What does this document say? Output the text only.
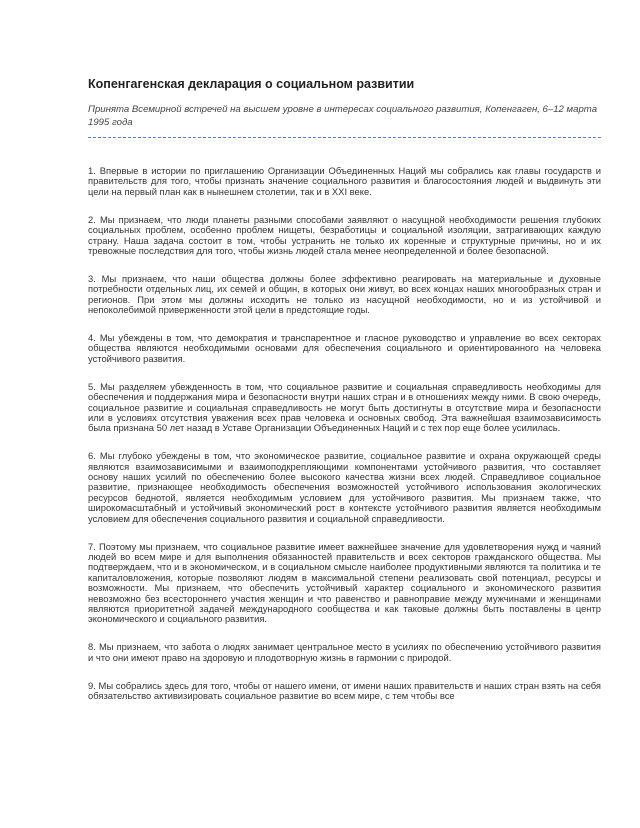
Копенгагенская декларация о социальном развитии

Принята Всемирной встречей на высшем уровне в интересах социального развития, Копенгаген, 6–12 марта 1995 года

1. Впервые в истории по приглашению Организации Объединенных Наций мы собрались как главы государств и правительств для того, чтобы признать значение социального развития и благосостояния людей и выдвинуть эти цели на первый план как в нынешнем столетии, так и в XXI веке.

2. Мы признаем, что люди планеты разными способами заявляют о насущной необходимости решения глубоких социальных проблем, особенно проблем нищеты, безработицы и социальной изоляции, затрагивающих каждую страну. Наша задача состоит в том, чтобы устранить не только их коренные и структурные причины, но и их тревожные последствия для того, чтобы жизнь людей стала менее неопределенной и более безопасной.

3. Мы признаем, что наши общества должны более эффективно реагировать на материальные и духовные потребности отдельных лиц, их семей и общин, в которых они живут, во всех концах наших многообразных стран и регионов. При этом мы должны исходить не только из насущной необходимости, но и из устойчивой и непоколебимой приверженности этой цели в предстоящие годы.

4. Мы убеждены в том, что демократия и транспарентное и гласное руководство и управление во всех секторах общества являются необходимыми основами для обеспечения социального и ориентированного на человека устойчивого развития.

5. Мы разделяем убежденность в том, что социальное развитие и социальная справедливость необходимы для обеспечения и поддержания мира и безопасности внутри наших стран и в отношениях между ними. В свою очередь, социальное развитие и социальная справедливость не могут быть достигнуты в отсутствие мира и безопасности или в условиях отсутствия уважения всех прав человека и основных свобод. Эта важнейшая взаимозависимость была признана 50 лет назад в Уставе Организации Объединенных Наций и с тех пор еще более усилилась.

6. Мы глубоко убеждены в том, что экономическое развитие, социальное развитие и охрана окружающей среды являются взаимозависимыми и взаимоподкрепляющими компонентами устойчивого развития, что составляет основу наших усилий по обеспечению более высокого качества жизни всех людей. Справедливое социальное развитие, признающее необходимость обеспечения возможностей устойчивого использования экологических ресурсов беднотой, является необходимым условием для устойчивого развития. Мы признаем также, что широкомасштабный и устойчивый экономический рост в контексте устойчивого развития является необходимым условием для обеспечения социального развития и социальной справедливости.

7. Поэтому мы признаем, что социальное развитие имеет важнейшее значение для удовлетворения нужд и чаяний людей во всем мире и для выполнения обязанностей правительств и всех секторов гражданского общества. Мы подтверждаем, что и в экономическом, и в социальном смысле наиболее продуктивными являются та политика и те капиталовложения, которые позволяют людям в максимальной степени реализовать свой потенциал, ресурсы и возможности. Мы признаем, что обеспечить устойчивый характер социального и экономического развития невозможно без всестороннего участия женщин и что равенство и равноправие между мужчинами и женщинами являются приоритетной задачей международного сообщества и как таковые должны быть поставлены в центр экономического и социального развития.

8. Мы признаем, что забота о людях занимает центральное место в усилиях по обеспечению устойчивого развития и что они имеют право на здоровую и плодотворную жизнь в гармонии с природой.

9. Мы собрались здесь для того, чтобы от нашего имени, от имени наших правительств и наших стран взять на себя обязательство активизировать социальное развитие во всем мире, с тем чтобы все
